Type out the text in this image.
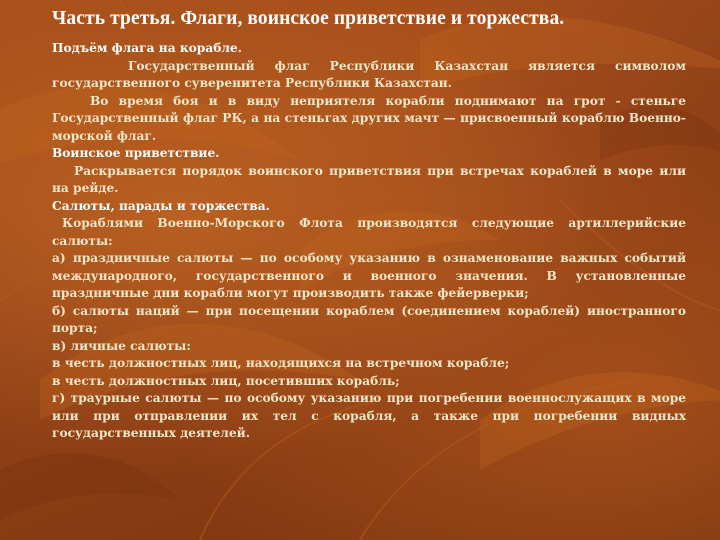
Часть третья. Флаги, воинское приветствие и торжества.

Подъём флага на корабле.

Государственный флаг Республики Казахстан является символом государственного суверенитета Республики Казахстан.

Во время боя и в виду неприятеля корабли поднимают на грот - стеньге Государственный флаг РК, а на стеньгах других мачт — присвоенный кораблю Военно-морской флаг.

Воинское приветствие.

Раскрывается порядок воинского приветствия при встречах кораблей в море или на рейде.

Салюты, парады и торжества.

Кораблями Военно-Морского Флота производятся следующие артиллерийские салюты:

а) праздничные салюты — по особому указанию в ознаменование важных событий международного, государственного и военного значения. В установленные праздничные дни корабли могут производить также фейерверки;

б) салюты наций — при посещении кораблем (соединением кораблей) иностранного порта;

в) личные салюты:

в честь должностных лиц, находящихся на встречном корабле;

в честь должностных лиц, посетивших корабль;

г) траурные салюты — по особому указанию при погребении военнослужащих в море или при отправлении их тел с корабля, а также при погребении видных государственных деятелей.
